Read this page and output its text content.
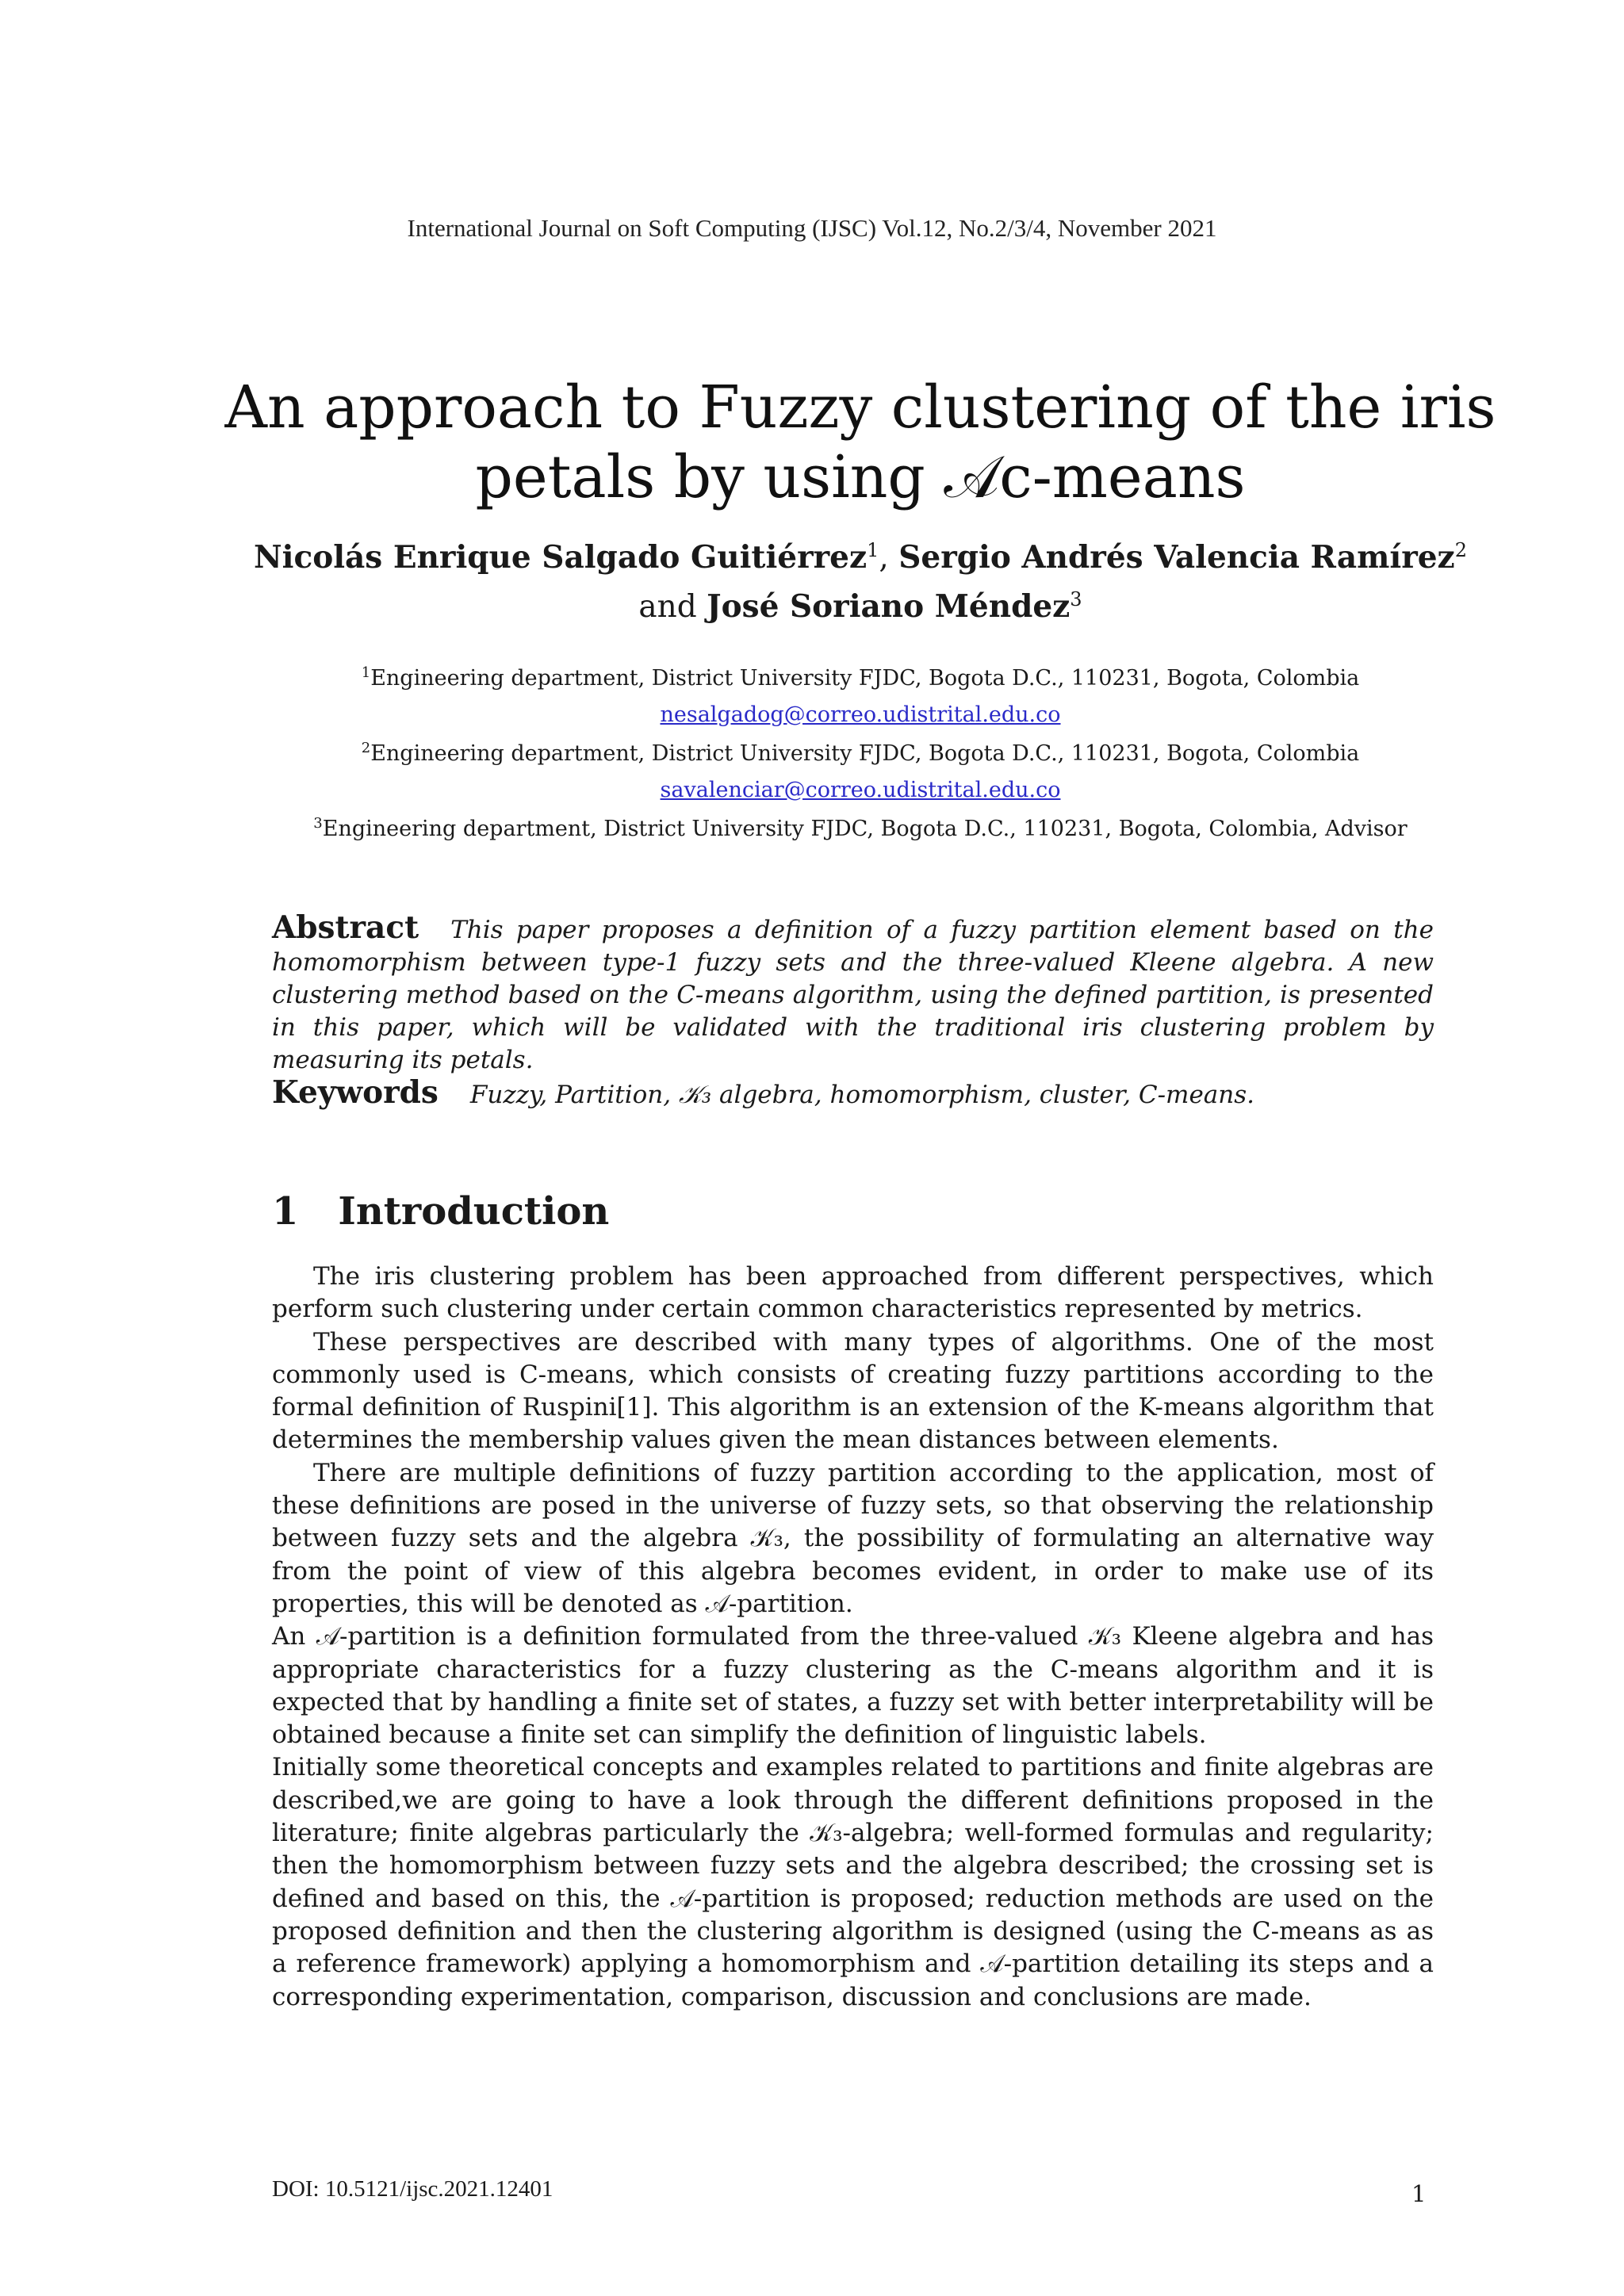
International Journal on Soft Computing (IJSC) Vol.12, No.2/3/4, November 2021
An approach to Fuzzy clustering of the iris
petals by using 𝒜c-means
Nicolás Enrique Salgado Guitiérrez$^1$, Sergio Andrés Valencia Ramírez$^2$
and José Soriano Méndez$^3$
$^1$Engineering department, District University FJDC, Bogota D.C., 110231, Bogota, Colombia
nesalgadog@correo.udistrital.edu.co
$^2$Engineering department, District University FJDC, Bogota D.C., 110231, Bogota, Colombia
savalenciar@correo.udistrital.edu.co
$^3$Engineering department, District University FJDC, Bogota D.C., 110231, Bogota, Colombia, Advisor
Abstract This paper proposes a definition of a fuzzy partition element based on the homomorphism between type-1 fuzzy sets and the three-valued Kleene algebra. A new clustering method based on the C-means algorithm, using the defined partition, is presented in this paper, which will be validated with the traditional iris clustering problem by measuring its petals.
Keywords Fuzzy, Partition, 𝒦₃ algebra, homomorphism, cluster, C-means.
1 Introduction

The iris clustering problem has been approached from different perspectives, which perform such clustering under certain common characteristics represented by metrics.

These perspectives are described with many types of algorithms. One of the most commonly used is C-means, which consists of creating fuzzy partitions according to the formal definition of Ruspini[1]. This algorithm is an extension of the K-means algorithm that determines the membership values given the mean distances between elements.

There are multiple definitions of fuzzy partition according to the application, most of these definitions are posed in the universe of fuzzy sets, so that observing the relationship between fuzzy sets and the algebra 𝒦₃, the possibility of formulating an alternative way from the point of view of this algebra becomes evident, in order to make use of its properties, this will be denoted as 𝒜-partition.

An 𝒜-partition is a definition formulated from the three-valued 𝒦₃ Kleene algebra and has appropriate characteristics for a fuzzy clustering as the C-means algorithm and it is expected that by handling a finite set of states, a fuzzy set with better interpretability will be obtained because a finite set can simplify the definition of linguistic labels.

Initially some theoretical concepts and examples related to partitions and finite algebras are described,we are going to have a look through the different definitions proposed in the literature; finite algebras particularly the 𝒦₃-algebra; well-formed formulas and regularity; then the homomorphism between fuzzy sets and the algebra described; the crossing set is defined and based on this, the 𝒜-partition is proposed; reduction methods are used on the proposed definition and then the clustering algorithm is designed (using the C-means as as a reference framework) applying a homomorphism and 𝒜-partition detailing its steps and a corresponding experimentation, comparison, discussion and conclusions are made.

DOI: 10.5121/ijsc.2021.12401	1
